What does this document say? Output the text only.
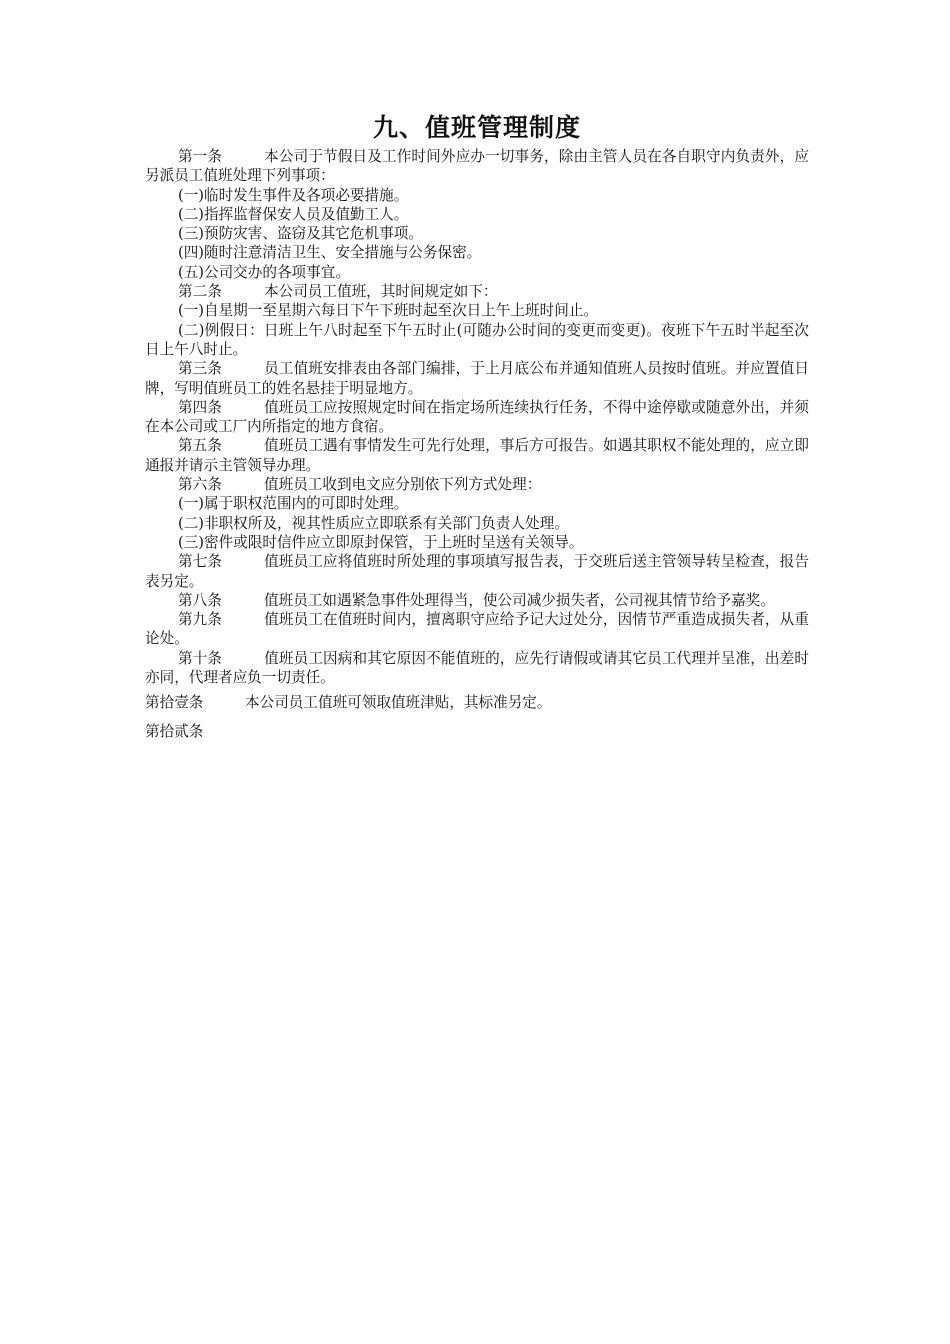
九、值班管理制度

第一条	本公司于节假日及工作时间外应办一切事务，除由主管人员在各自职守内负责外，应另派员工值班处理下列事项：

(一)临时发生事件及各项必要措施。

(二)指挥监督保安人员及值勤工人。

(三)预防灾害、盗窃及其它危机事项。

(四)随时注意清洁卫生、安全措施与公务保密。

(五)公司交办的各项事宜。

第二条	本公司员工值班，其时间规定如下：

(一)自星期一至星期六每日下午下班时起至次日上午上班时间止。

(二)例假日：日班上午八时起至下午五时止(可随办公时间的变更而变更)。夜班下午五时半起至次日上午八时止。

第三条	员工值班安排表由各部门编排，于上月底公布并通知值班人员按时值班。并应置值日牌，写明值班员工的姓名悬挂于明显地方。

第四条	值班员工应按照规定时间在指定场所连续执行任务，不得中途停歇或随意外出，并须在本公司或工厂内所指定的地方食宿。

第五条	值班员工遇有事情发生可先行处理，事后方可报告。如遇其职权不能处理的，应立即通报并请示主管领导办理。

第六条	值班员工收到电文应分别依下列方式处理：

(一)属于职权范围内的可即时处理。

(二)非职权所及，视其性质应立即联系有关部门负责人处理。

(三)密件或限时信件应立即原封保管，于上班时呈送有关领导。

第七条	值班员工应将值班时所处理的事项填写报告表，于交班后送主管领导转呈检查，报告表另定。

第八条	值班员工如遇紧急事件处理得当，使公司减少损失者，公司视其情节给予嘉奖。

第九条	值班员工在值班时间内，擅离职守应给予记大过处分，因情节严重造成损失者，从重论处。

第十条	值班员工因病和其它原因不能值班的，应先行请假或请其它员工代理并呈准，出差时亦同，代理者应负一切责任。

第拾壹条	本公司员工值班可领取值班津贴，其标准另定。

第拾贰条
